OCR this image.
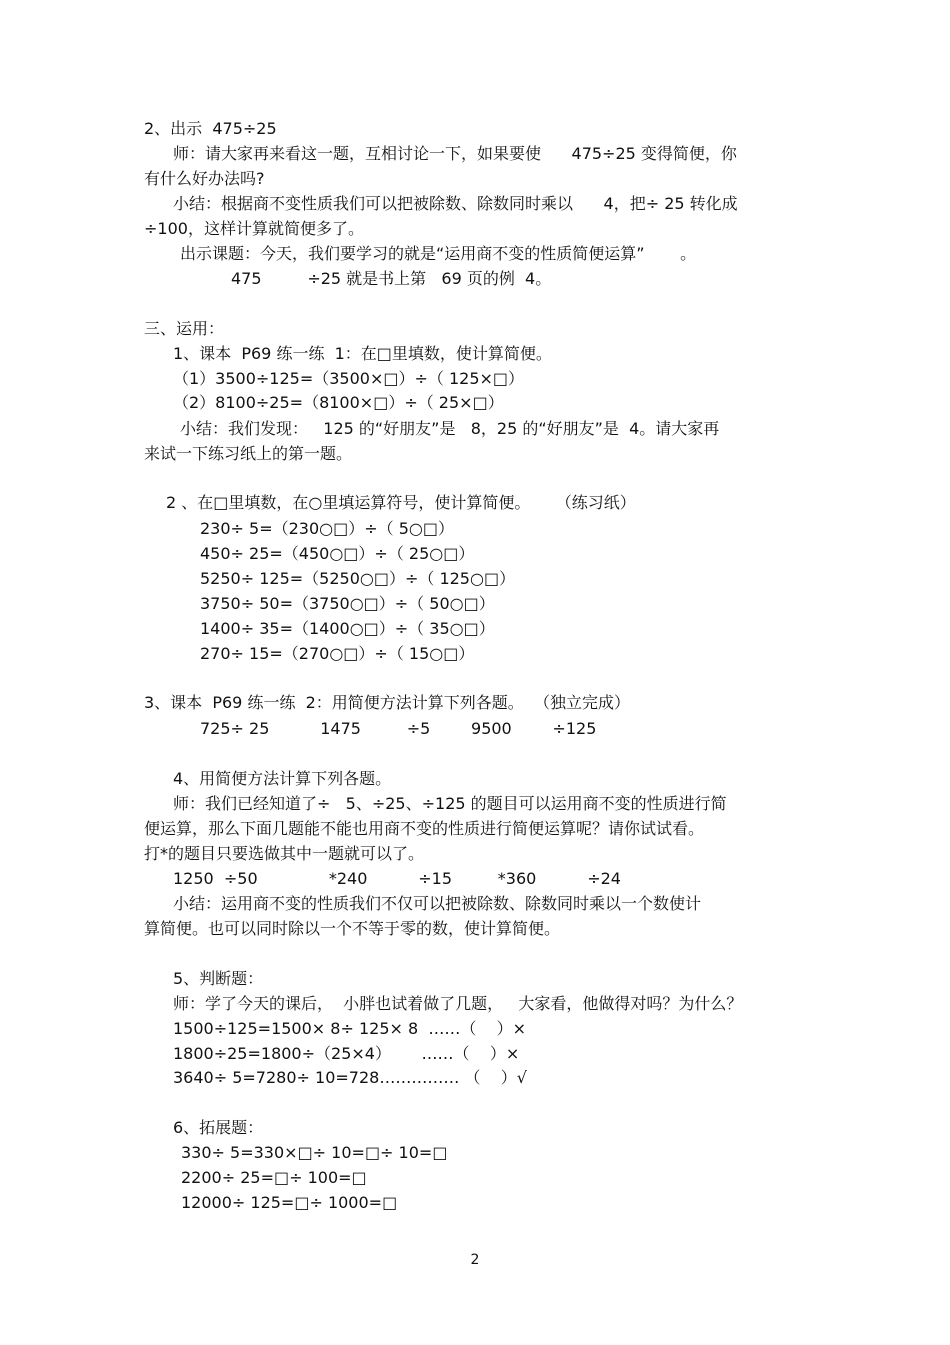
2、出示  475÷25
师：请大家再来看这一题，互相讨论一下，如果要使      475÷25 变得简便，你
有什么好办法吗?
小结：根据商不变性质我们可以把被除数、除数同时乘以      4，把÷ 25 转化成
÷100，这样计算就简便多了。
出示课题：今天，我们要学习的就是“运用商不变的性质简便运算”       。
475         ÷25 就是书上第   69 页的例  4。
三、运用：
1、课本  P69 练一练  1：在□里填数，使计算简便。
（1）3500÷125=（3500×□）÷（ 125×□）
（2）8100÷25=（8100×□）÷（ 25×□）
小结：我们发现：   125 的“好朋友”是   8，25 的“好朋友”是  4。请大家再
来试一下练习纸上的第一题。
2 、在□里填数，在○里填运算符号，使计算简便。     （练习纸）
230÷ 5=（230○□）÷（ 5○□）
450÷ 25=（450○□）÷（ 25○□）
5250÷ 125=（5250○□）÷（ 125○□）
3750÷ 50=（3750○□）÷（ 50○□）
1400÷ 35=（1400○□）÷（ 35○□）
270÷ 15=（270○□）÷（ 15○□）
3、课本  P69 练一练  2：用简便方法计算下列各题。  （独立完成）
725÷ 25          1475         ÷5        9500        ÷125
4、用简便方法计算下列各题。
师：我们已经知道了÷   5、÷25、÷125 的题目可以运用商不变的性质进行简
便运算，那么下面几题能不能也用商不变的性质进行简便运算呢？请你试试看。
打*的题目只要选做其中一题就可以了。
1250  ÷50              *240          ÷15         *360          ÷24
小结：运用商不变的性质我们不仅可以把被除数、除数同时乘以一个数使计
算简便。也可以同时除以一个不等于零的数，使计算简便。
5、判断题：
师：学了今天的课后，  小胖也试着做了几题，   大家看，他做得对吗？为什么？
1500÷125=1500× 8÷ 125× 8  ……（    ）×
1800÷25=1800÷（25×4）      ……（    ）×
3640÷ 5=7280÷ 10=728…………… （    ）√
6、拓展题：
330÷ 5=330×□÷ 10=□÷ 10=□
2200÷ 25=□÷ 100=□
12000÷ 125=□÷ 1000=□
2
